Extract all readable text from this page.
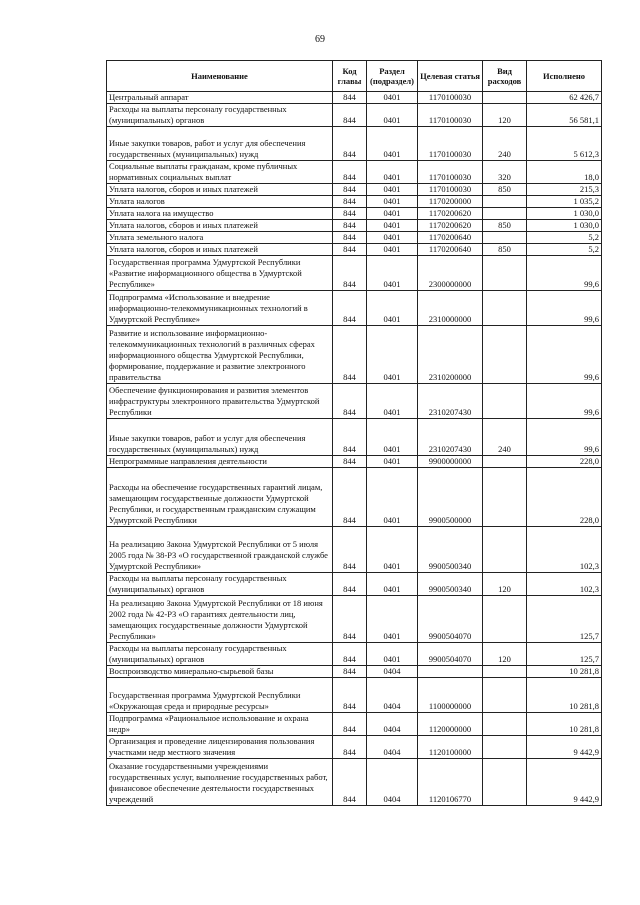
69
Наименование	Код главы	Раздел (подраздел)	Целевая статья	Вид расходов	Исполнено
Центральный аппарат	844	0401	1170100030		62 426,7
Расходы на выплаты персоналу государственных (муниципальных) органов	844	0401	1170100030	120	56 581,1
Иные закупки товаров, работ и услуг для обеспечения государственных (муниципальных) нужд	844	0401	1170100030	240	5 612,3
Социальные выплаты гражданам, кроме публичных нормативных социальных выплат	844	0401	1170100030	320	18,0
Уплата налогов, сборов и иных платежей	844	0401	1170100030	850	215,3
Уплата налогов	844	0401	1170200000		1 035,2
Уплата налога на имущество	844	0401	1170200620		1 030,0
Уплата налогов, сборов и иных платежей	844	0401	1170200620	850	1 030,0
Уплата земельного налога	844	0401	1170200640		5,2
Уплата налогов, сборов и иных платежей	844	0401	1170200640	850	5,2
Государственная программа Удмуртской Республики «Развитие информационного общества в Удмуртской Республике»	844	0401	2300000000		99,6
Подпрограмма «Использование и внедрение информационно-телекоммуникационных технологий в Удмуртской Республике»	844	0401	2310000000		99,6
Развитие и использование информационно-телекоммуникационных технологий в различных сферах информационного общества Удмуртской Республики, формирование, поддержание и развитие электронного правительства	844	0401	2310200000		99,6
Обеспечение функционирования и развития элементов инфраструктуры электронного правительства Удмуртской Республики	844	0401	2310207430		99,6
Иные закупки товаров, работ и услуг для обеспечения государственных (муниципальных) нужд	844	0401	2310207430	240	99,6
Непрограммные направления деятельности	844	0401	9900000000		228,0
Расходы на обеспечение государственных гарантий лицам, замещающим государственные должности Удмуртской Республики, и государственным гражданским служащим Удмуртской Республики	844	0401	9900500000		228,0
На реализацию Закона Удмуртской Республики от 5 июля 2005 года № 38-РЗ «О государственной гражданской службе Удмуртской Республики»	844	0401	9900500340		102,3
Расходы на выплаты персоналу государственных (муниципальных) органов	844	0401	9900500340	120	102,3
На реализацию Закона Удмуртской Республики от 18 июня 2002 года № 42-РЗ «О гарантиях деятельности лиц, замещающих государственные должности Удмуртской Республики»	844	0401	9900504070		125,7
Расходы на выплаты персоналу государственных (муниципальных) органов	844	0401	9900504070	120	125,7
Воспроизводство минерально-сырьевой базы	844	0404			10 281,8
Государственная программа Удмуртской Республики «Окружающая среда и природные ресурсы»	844	0404	1100000000		10 281,8
Подпрограмма «Рациональное использование и охрана недр»	844	0404	1120000000		10 281,8
Организация и проведение лицензирования пользования участками недр местного значения	844	0404	1120100000		9 442,9
Оказание государственными учреждениями государственных услуг, выполнение государственных работ, финансовое обеспечение деятельности государственных учреждений	844	0404	1120106770		9 442,9
